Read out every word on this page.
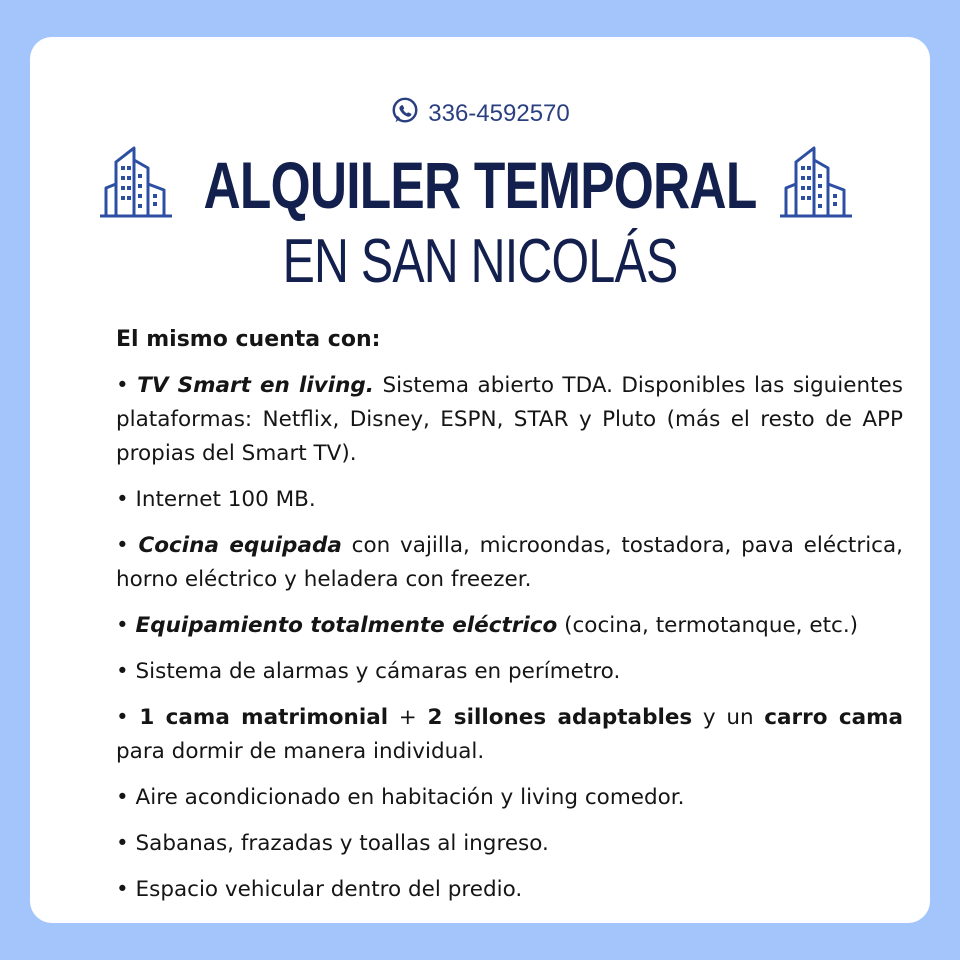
336-4592570
ALQUILER TEMPORAL
EN SAN NICOLÁS
El mismo cuenta con:
• TV Smart en living. Sistema abierto TDA. Disponibles las siguientes plataformas: Netflix, Disney, ESPN, STAR y Pluto (más el resto de APP propias del Smart TV).
• Internet 100 MB.
• Cocina equipada con vajilla, microondas, tostadora, pava eléctrica, horno eléctrico y heladera con freezer.
• Equipamiento totalmente eléctrico (cocina, termotanque, etc.)
• Sistema de alarmas y cámaras en perímetro.
• 1 cama matrimonial + 2 sillones adaptables y un carro cama para dormir de manera individual.
• Aire acondicionado en habitación y living comedor.
• Sabanas, frazadas y toallas al ingreso.
• Espacio vehicular dentro del predio.
